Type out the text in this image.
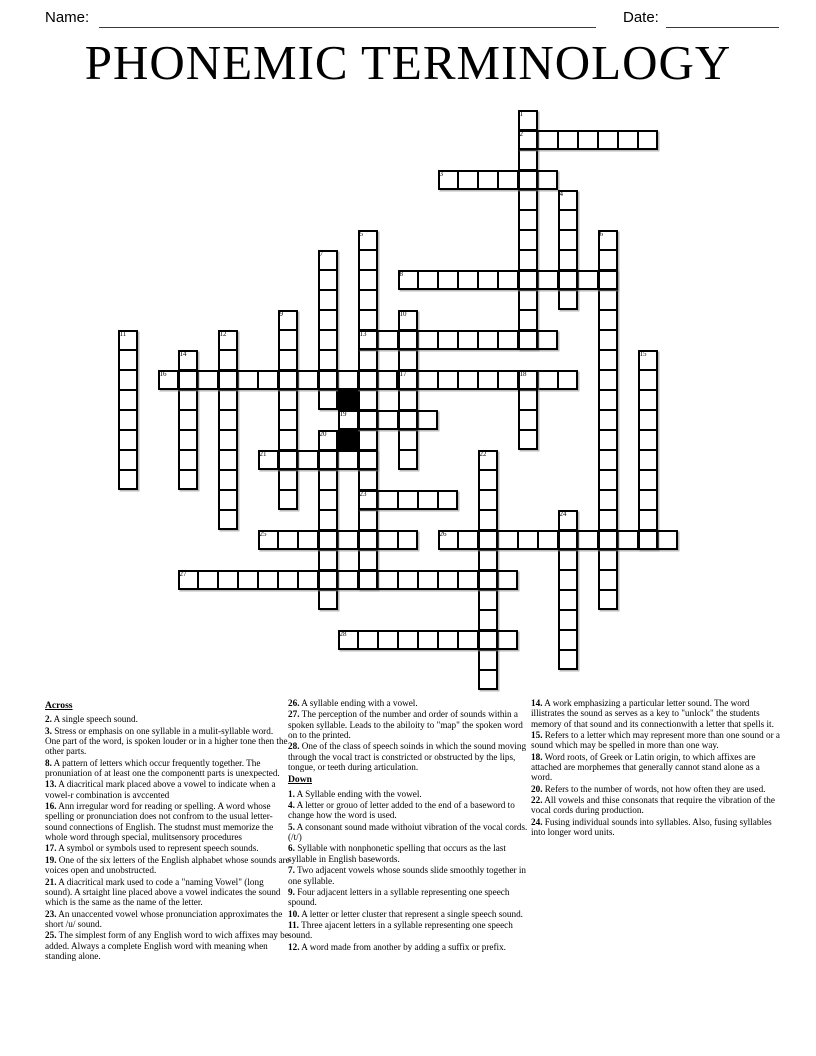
Name:	Date:
PHONEMIC TERMINOLOGY
1
2
3
4
5	6
7
8
9	10
11	12	13
14	15
16	17	18
19
20
21	22
23
24
25	26
27
28

Across

2. A single speech sound.

3. Stress or emphasis on one syllable in a mulit-syllable word. One part of the word, is spoken louder or in a higher tone then the other parts.

8. A pattern of letters which occur frequently together. The pronuniation of at least one the componentt parts is unexpected.

13. A diacritical mark placed above a vowel to indicate when a vowel-r combination is avccented

16. Ann irregular word for reading or spelling. A word whose spelling or pronunciation does not confrom to the usual letter-sound connections of English. The studnst must memorize the whole word through special, mulitsensory procedures

17. A symbol or symbols used to represent speech sounds.

19. One of the six letters of the English alphabet whose sounds are voices open and unobstructed.

21. A diacritical mark used to code a "naming Vowel" (long sound). A srtaight line placed above a vowel indicates the sound which is the same as the name of the letter.

23. An unaccented vowel whose pronunciation approximates the short /u/ sound.

25. The simplest form of any English word to wich affixes may be added. Always a complete English word with meaning when standing alone.

26. A syllable ending with a vowel.

27. The perception of the number and order of sounds within a spoken syllable. Leads to the abiloity to "map" the spoken word on to the printed.

28. One of the class of speech soinds in which the sound moving through the vocal tract is constricted or obstructed by the lips, tongue, or teeth during articulation.

Down

1. A Syllable ending with the vowel.

4. A letter or grouo of letter added to the end of a baseword to change how the word is used.

5. A consonant sound made withoiut vibration of the vocal cords. (/t/)

6. Syllable with nonphonetic spelling that occurs as the last syllable in English basewords.

7. Two adjacent vowels whose sounds slide smoothly together in one syllable.

9. Four adjacent letters in a syllable representing one speech spound.

10. A letter or letter cluster that represent a single speech sound.

11. Three ajacent letters in a syllable representing one speech sound.

12. A word made from another by adding a suffix or prefix.

14. A work emphasizing a particular letter sound. The word illistrates the sound as serves as a key to "unlock" the students memory of that sound and its connectionwith a letter that spells it.

15. Refers to a letter which may represent more than one sound or a sound which may be spelled in more than one way.

18. Word roots, of Greek or Latin origin, to which affixes are attached are morphemes that generally cannot stand alone as a word.

20. Refers to the number of words, not how often they are used.

22. All vowels and thise consonats that require the vibration of the vocal cords during production.

24. Fusing individual sounds into syllables. Also, fusing syllables into longer word units.
